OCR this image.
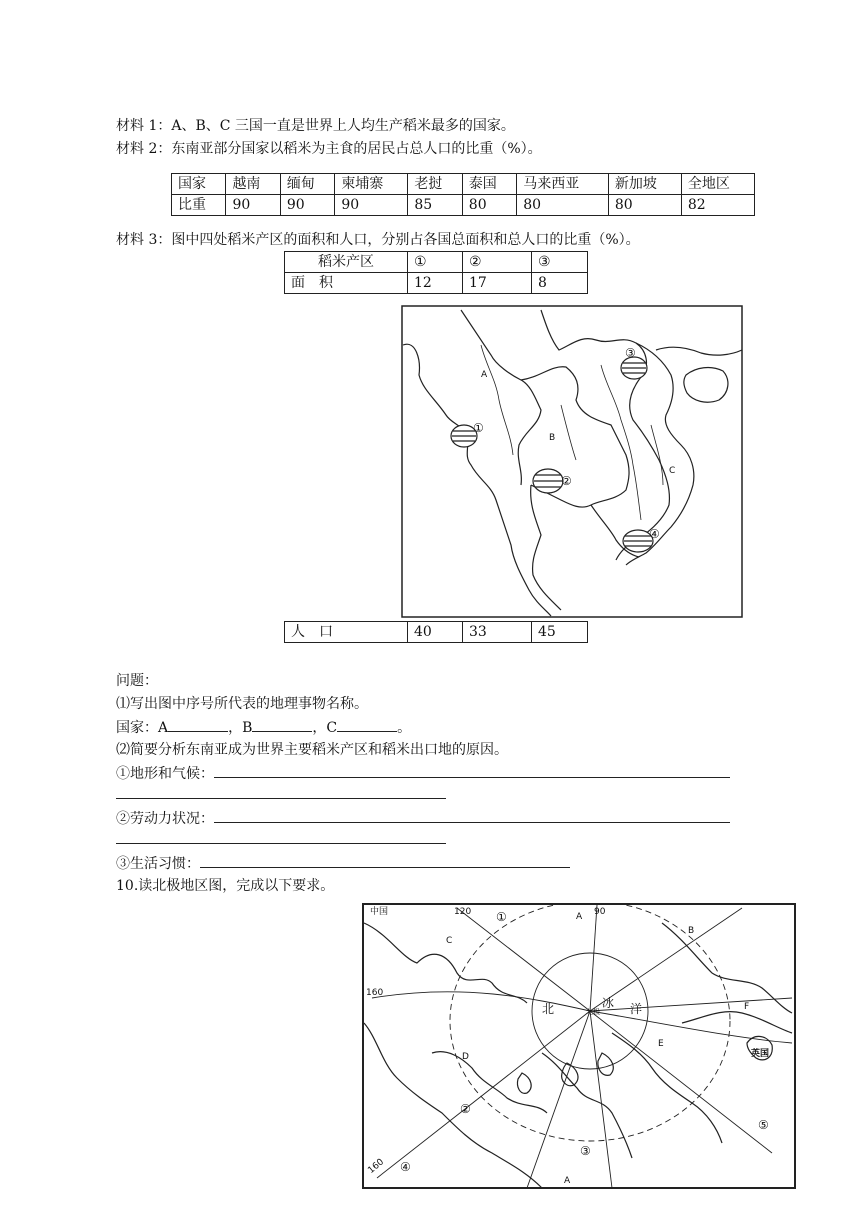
材料 1：A、B、C 三国一直是世界上人均生产稻米最多的国家。
材料 2：东南亚部分国家以稻米为主食的居民占总人口的比重（%）。
国家	越南	缅甸	柬埔寨	老挝	泰国	马来西亚	新加坡	全地区
比重	90	90	90	85	80	80	80	82
材料 3：图中四处稻米产区的面积和人口，分别占各国总面积和总人口的比重（%）。
稻米产区	①	②	③
面　积	12	17	8
A
B
C
①
②
③
④
人　口	40	33	45
问题：
⑴写出图中序号所代表的地理事物名称。
国家：A	，B	，C	。
⑵简要分析东南亚成为世界主要稻米产区和稻米出口地的原因。
①地形和气候：
②劳动力状况：
③生活习惯：
10.读北极地区图，完成以下要求。
中国	120	90
160
160
A
B
C
D
E
F
A
英国
北极
北	冰 洋
①
②
③
④
⑤
